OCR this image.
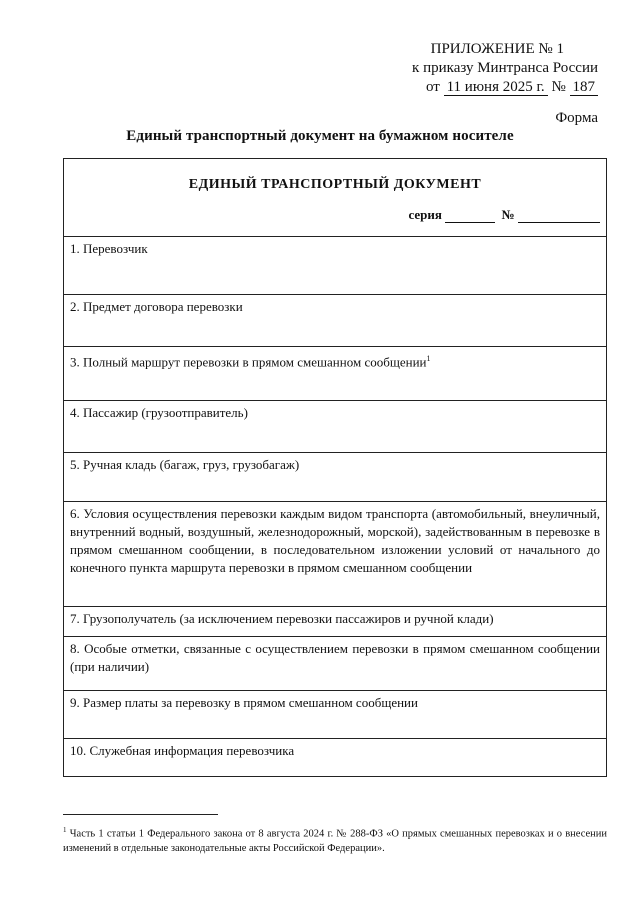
ПРИЛОЖЕНИЕ № 1
к приказу Минтранса России
от 11 июня 2025 г. № 187
Форма
Единый транспортный документ на бумажном носителе
ЕДИНЫЙ ТРАНСПОРТНЫЙ ДОКУМЕНТ
серия	№
1. Перевозчик
2. Предмет договора перевозки
3. Полный маршрут перевозки в прямом смешанном сообщении$^1$
4. Пассажир (грузоотправитель)
5. Ручная кладь (багаж, груз, грузобагаж)
6. Условия осуществления перевозки каждым видом транспорта (автомобильный, внеуличный, внутренний водный, воздушный, железнодорожный, морской), задействованным в перевозке в прямом смешанном сообщении, в последовательном изложении условий от начального до конечного пункта маршрута перевозки в прямом смешанном сообщении
7. Грузополучатель (за исключением перевозки пассажиров и ручной клади)
8. Особые отметки, связанные с осуществлением перевозки в прямом смешанном сообщении (при наличии)
9. Размер платы за перевозку в прямом смешанном сообщении
10. Служебная информация перевозчика
$^1$ Часть 1 статьи 1 Федерального закона от 8 августа 2024 г. № 288-ФЗ «О прямых смешанных перевозках и о внесении изменений в отдельные законодательные акты Российской Федерации».
